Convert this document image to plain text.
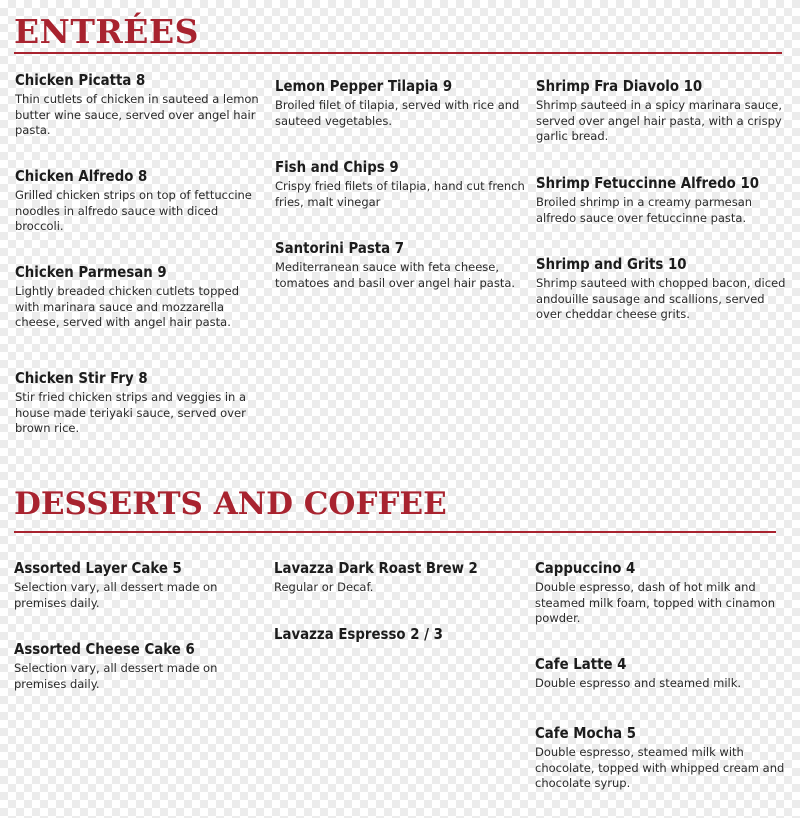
ENTRÉES
Chicken Picatta 8
Thin cutlets of chicken in sauteed a lemon butter wine sauce, served over angel hair pasta.
Chicken Alfredo 8
Grilled chicken strips on top of fettuccine noodles in alfredo sauce with diced broccoli.
Chicken Parmesan 9
Lightly breaded chicken cutlets topped with marinara sauce and mozzarella cheese, served with angel hair pasta.
Chicken Stir Fry 8
Stir fried chicken strips and veggies in a house made teriyaki sauce, served over brown rice.
Lemon Pepper Tilapia 9
Broiled filet of tilapia, served with rice and sauteed vegetables.
Fish and Chips 9
Crispy fried filets of tilapia, hand cut french fries, malt vinegar
Santorini Pasta 7
Mediterranean sauce with feta cheese, tomatoes and basil over angel hair pasta.
Shrimp Fra Diavolo 10
Shrimp sauteed in a spicy marinara sauce, served over angel hair pasta, with a crispy garlic bread.
Shrimp Fetuccinne Alfredo 10
Broiled shrimp in a creamy parmesan alfredo sauce over fetuccinne pasta.
Shrimp and Grits 10
Shrimp sauteed with chopped bacon, diced andouille sausage and scallions, served over cheddar cheese grits.
DESSERTS AND COFFEE
Assorted Layer Cake 5
Selection vary, all dessert made on premises daily.
Assorted Cheese Cake 6
Selection vary, all dessert made on premises daily.
Lavazza Dark Roast Brew 2
Regular or Decaf.
Lavazza Espresso 2 / 3
Cappuccino 4
Double espresso, dash of hot milk and steamed milk foam, topped with cinamon powder.
Cafe Latte 4
Double espresso and steamed milk.
Cafe Mocha 5
Double espresso, steamed milk with chocolate, topped with whipped cream and chocolate syrup.
